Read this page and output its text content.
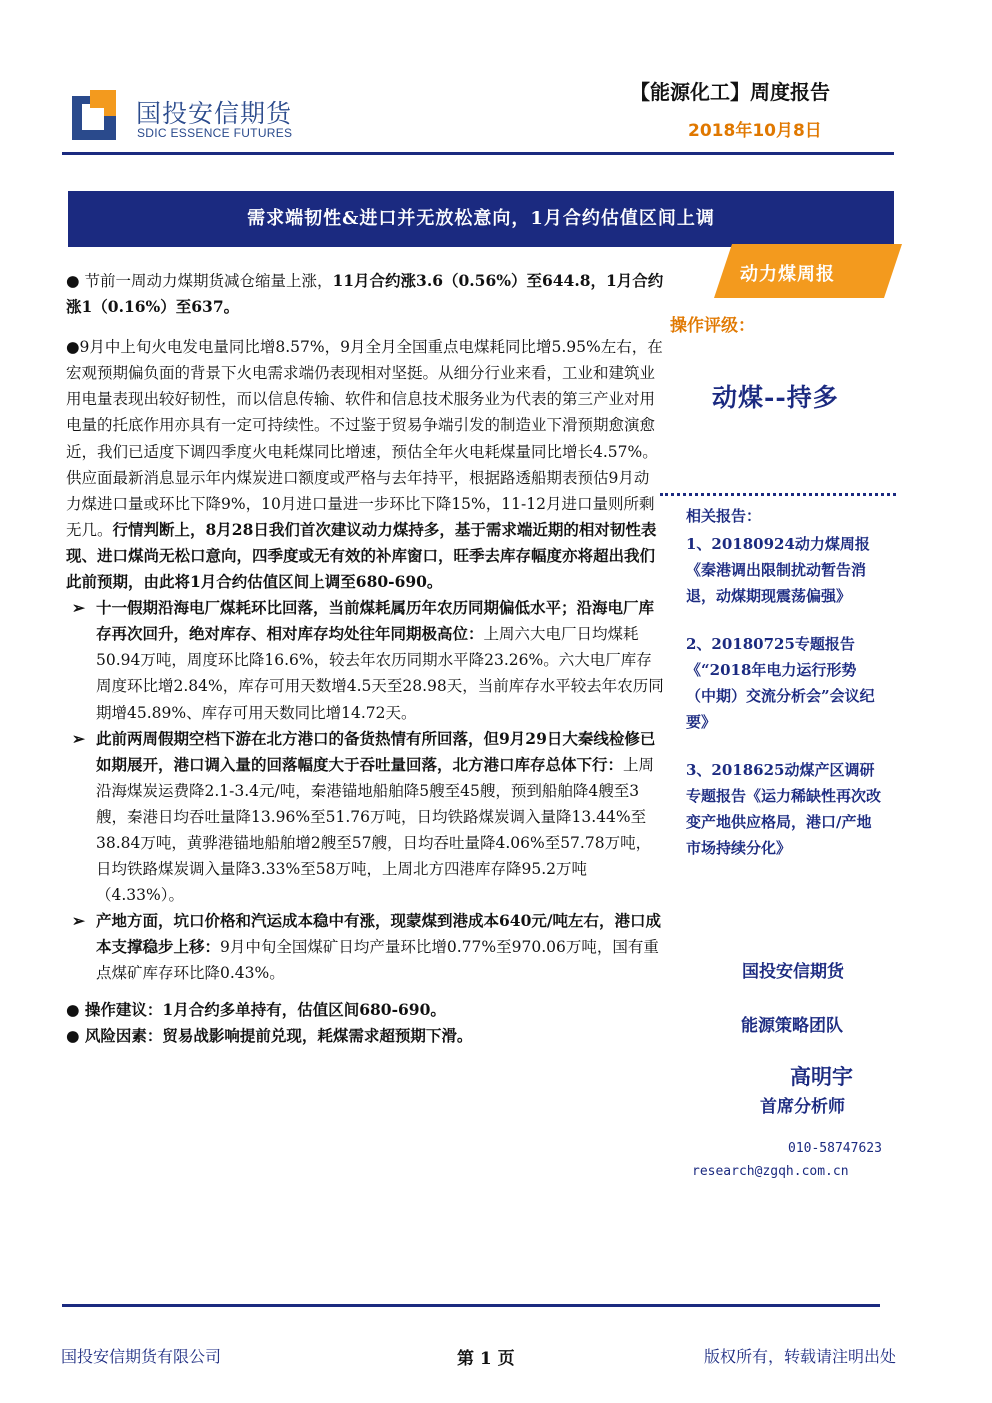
国投安信期货
SDIC ESSENCE FUTURES
【能源化工】周度报告
2018年10月8日
需求端韧性&进口并无放松意向，1月合约估值区间上调
动力煤周报
操作评级：
动煤--持多
相关报告：
1、20180924动力煤周报《秦港调出限制扰动暂告消退，动煤期现震荡偏强》
2、20180725专题报告《“2018年电力运行形势（中期）交流分析会”会议纪要》
3、2018625动煤产区调研专题报告《运力稀缺性再次改变产地供应格局，港口/产地市场持续分化》
国投安信期货
能源策略团队
高明宇
首席分析师
010-58747623
research@zgqh.com.cn

● 节前一周动力煤期货减仓缩量上涨，11月合约涨3.6（0.56%）至644.8，1月合约涨1（0.16%）至637。

●9月中上旬火电发电量同比增8.57%，9月全月全国重点电煤耗同比增5.95%左右，在宏观预期偏负面的背景下火电需求端仍表现相对坚挺。从细分行业来看，工业和建筑业用电量表现出较好韧性，而以信息传输、软件和信息技术服务业为代表的第三产业对用电量的托底作用亦具有一定可持续性。不过鉴于贸易争端引发的制造业下滑预期愈演愈近，我们已适度下调四季度火电耗煤同比增速，预估全年火电耗煤量同比增长4.57%。供应面最新消息显示年内煤炭进口额度或严格与去年持平，根据路透船期表预估9月动力煤进口量或环比下降9%，10月进口量进一步环比下降15%，11-12月进口量则所剩无几。行情判断上，8月28日我们首次建议动力煤持多，基于需求端近期的相对韧性表现、进口煤尚无松口意向，四季度或无有效的补库窗口，旺季去库存幅度亦将超出我们此前预期，由此将1月合约估值区间上调至680-690。

➢ 十一假期沿海电厂煤耗环比回落，当前煤耗属历年农历同期偏低水平；沿海电厂库存再次回升，绝对库存、相对库存均处往年同期极高位：上周六大电厂日均煤耗50.94万吨，周度环比降16.6%，较去年农历同期水平降23.26%。六大电厂库存周度环比增2.84%，库存可用天数增4.5天至28.98天，当前库存水平较去年农历同期增45.89%、库存可用天数同比增14.72天。

➢ 此前两周假期空档下游在北方港口的备货热情有所回落，但9月29日大秦线检修已如期展开，港口调入量的回落幅度大于吞吐量回落，北方港口库存总体下行：上周沿海煤炭运费降2.1-3.4元/吨，秦港锚地船舶降5艘至45艘，预到船舶降4艘至3艘，秦港日均吞吐量降13.96%至51.76万吨，日均铁路煤炭调入量降13.44%至38.84万吨，黄骅港锚地船舶增2艘至57艘，日均吞吐量降4.06%至57.78万吨，日均铁路煤炭调入量降3.33%至58万吨，上周北方四港库存降95.2万吨（4.33%）。

➢ 产地方面，坑口价格和汽运成本稳中有涨，现蒙煤到港成本640元/吨左右，港口成本支撑稳步上移：9月中旬全国煤矿日均产量环比增0.77%至970.06万吨，国有重点煤矿库存环比降0.43%。

● 操作建议：1月合约多单持有，估值区间680-690。

● 风险因素：贸易战影响提前兑现，耗煤需求超预期下滑。

国投安信期货有限公司	第 1 页	版权所有，转载请注明出处
